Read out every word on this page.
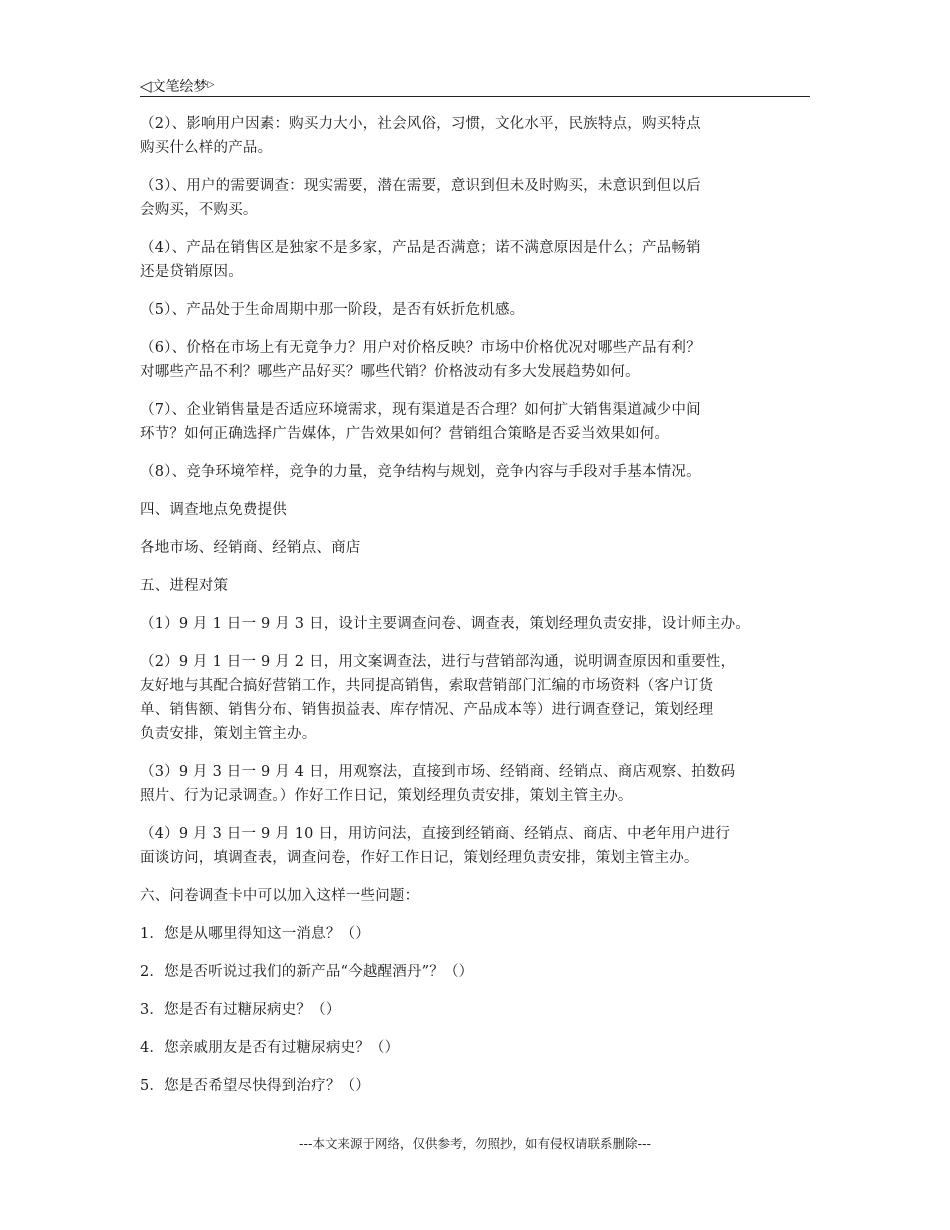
◁文笔绘梦▷

（2）、影响用户因素：购买力大小，社会风俗，习惯，文化水平，民族特点，购买特点
购买什么样的产品。

（3）、用户的需要调查：现实需要，潜在需要，意识到但未及时购买，未意识到但以后
会购买，不购买。

（4）、产品在销售区是独家不是多家，产品是否满意；诺不满意原因是什么；产品畅销
还是贷销原因。

（5）、产品处于生命周期中那一阶段，是否有妖折危机感。

（6）、价格在市场上有无竟争力？用户对价格反映？市场中价格优况对哪些产品有利？
对哪些产品不利？哪些产品好买？哪些代销？价格波动有多大发展趋势如何。

（7）、企业销售量是否适应环境需求，现有渠道是否合理？如何扩大销售渠道减少中间
环节？如何正确选择广告媒体，广告效果如何？营销组合策略是否妥当效果如何。

（8）、竞争环境笮样，竞争的力量，竞争结构与规划，竞争内容与手段对手基本情况。

四、调查地点免费提供

各地市场、经销商、经销点、商店

五、进程对策

（1）9 月 1 日一 9 月 3 日，设计主要调查问卷、调查表，策划经理负责安排，设计师主办。

（2）9 月 1 日一 9 月 2 日，用文案调查法，进行与营销部沟通，说明调查原因和重要性，
友好地与其配合搞好营销工作，共同提高销售，索取营销部门汇编的市场资料（客户订货
单、销售额、销售分布、销售损益表、库存情况、产品成本等）进行调查登记，策划经理
负责安排，策划主管主办。

（3）9 月 3 日一 9 月 4 日，用观察法，直接到市场、经销商、经销点、商店观察、拍数码
照片、行为记录调查。）作好工作日记，策划经理负责安排，策划主管主办。

（4）9 月 3 日一 9 月 10 日，用访问法，直接到经销商、经销点、商店、中老年用户进行
面谈访问，填调查表，调查问卷，作好工作日记，策划经理负责安排，策划主管主办。

六、问卷调查卡中可以加入这样一些问题：

1．您是从哪里得知这一消息？（）

2．您是否听说过我们的新产品“今越醒酒丹”？（）

3．您是否有过糖尿病史？（）

4．您亲戚朋友是否有过糖尿病史？（）

5．您是否希望尽快得到治疗？（）

---本文来源于网络，仅供参考，勿照抄，如有侵权请联系删除---
